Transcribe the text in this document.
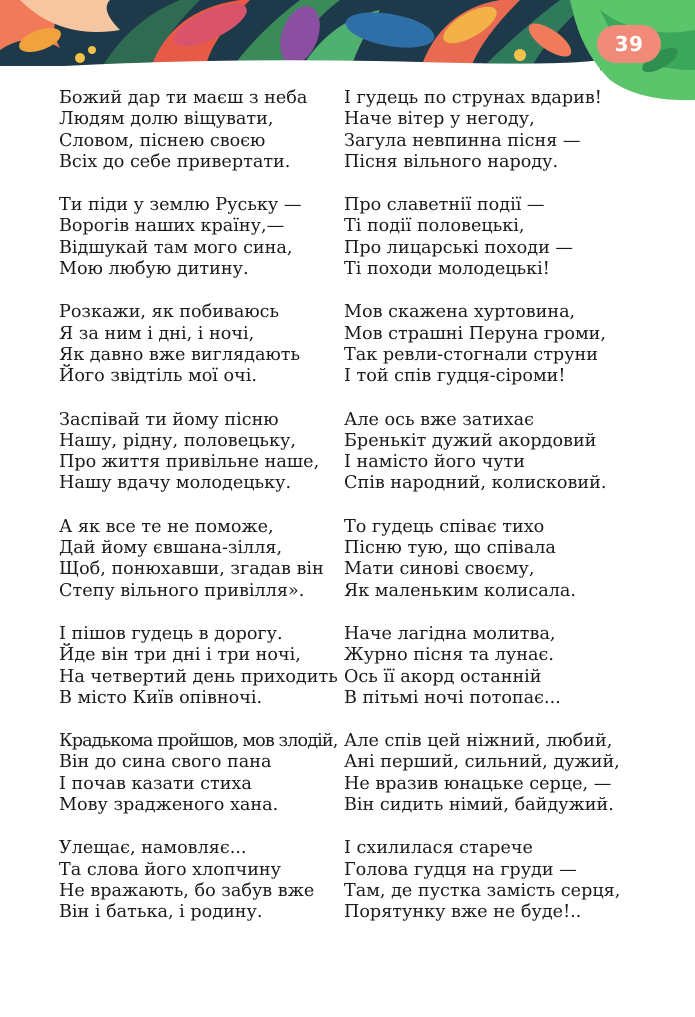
39
Божий дар ти маєш з неба
Людям долю віщувати,
Словом, піснею своєю
Всіх до себе привертати.
Ти піди у землю Руську —
Ворогів наших країну,—
Відшукай там мого сина,
Мою любую дитину.
Розкажи, як побиваюсь
Я за ним і дні, і ночі,
Як давно вже виглядають
Його звідтіль мої очі.
Заспівай ти йому пісню
Нашу, рідну, половецьку,
Про життя привільне наше,
Нашу вдачу молодецьку.
А як все те не поможе,
Дай йому євшана-зілля,
Щоб, понюхавши, згадав він
Степу вільного привілля».
І пішов гудець в дорогу.
Йде він три дні і три ночі,
На четвертий день приходить
В місто Київ опівночі.
Крадькома пройшов, мов злодій,
Він до сина свого пана
І почав казати стиха
Мову зрадженого хана.
Улещає, намовляє...
Та слова його хлопчину
Не вражають, бо забув вже
Він і батька, і родину.
І гудець по струнах вдарив!
Наче вітер у негоду,
Загула невпинна пісня —
Пісня вільного народу.
Про славетнії події —
Ті події половецькі,
Про лицарські походи —
Ті походи молодецькі!
Мов скажена хуртовина,
Мов страшні Перуна громи,
Так ревли-стогнали струни
І той спів гудця-сіроми!
Але ось вже затихає
Бренькіт дужий акордовий
І намісто його чути
Спів народний, колисковий.
То гудець співає тихо
Пісню тую, що співала
Мати синові своєму,
Як маленьким колисала.
Наче лагідна молитва,
Журно пісня та лунає.
Ось її акорд останній
В пітьмі ночі потопає...
Але спів цей ніжний, любий,
Ані перший, сильний, дужий,
Не вразив юнацьке серце, —
Він сидить німий, байдужий.
І схилилася старече
Голова гудця на груди —
Там, де пустка замість серця,
Порятунку вже не буде!..
